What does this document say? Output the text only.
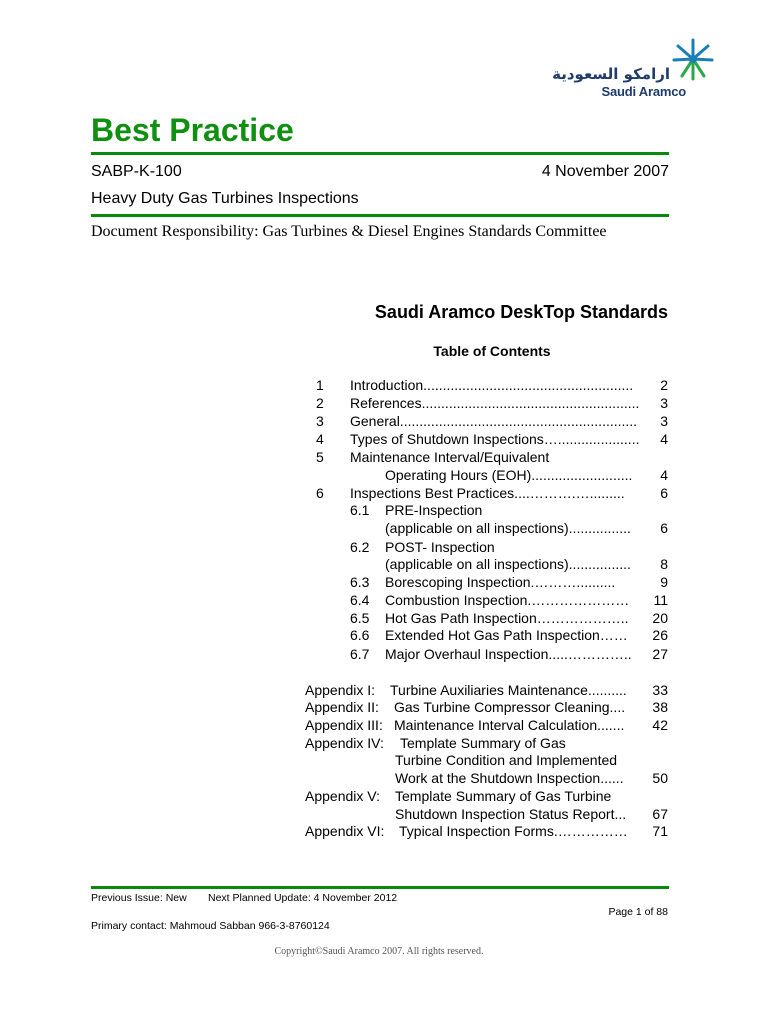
ارامكو السعودية
Saudi Aramco
Best Practice
SABP-K-100	4 November 2007
Heavy Duty Gas Turbines Inspections
Document Responsibility: Gas Turbines & Diesel Engines Standards Committee
Saudi Aramco DeskTop Standards
Table of Contents
1 Introduction...................................................... 2
2 References........................................................ 3
3 General............................................................. 3
4 Types of Shutdown Inspections…..................... 4
5 Maintenance Interval/Equivalent
Operating Hours (EOH).......................... 4
6 Inspections Best Practices....……….….........	6
6.1 PRE-Inspection
(applicable on all inspections)................ 6
6.2 POST- Inspection
(applicable on all inspections)................ 8
6.3 Borescoping Inspection.………..........	9
6.4 Combustion Inspection.………………… 11
6.5 Hot Gas Path Inspection……………….. 20
6.6 Extended Hot Gas Path Inspection…… 26
6.7 Major Overhaul Inspection.....………….. 27
Appendix I: Turbine Auxiliaries Maintenance.......... 33
Appendix II: Gas Turbine Compressor Cleaning.... 38
Appendix III: Maintenance Interval Calculation....... 42
Appendix IV: Template Summary of Gas
Turbine Condition and Implemented
Work at the Shutdown Inspection...... 50
Appendix V: Template Summary of Gas Turbine
Shutdown Inspection Status Report... 67
Appendix VI: Typical Inspection Forms.…………… 71
Previous Issue: New Next Planned Update: 4 November 2012
Page 1 of 88
Primary contact: Mahmoud Sabban 966-3-8760124
Copyright©Saudi Aramco 2007. All rights reserved.
